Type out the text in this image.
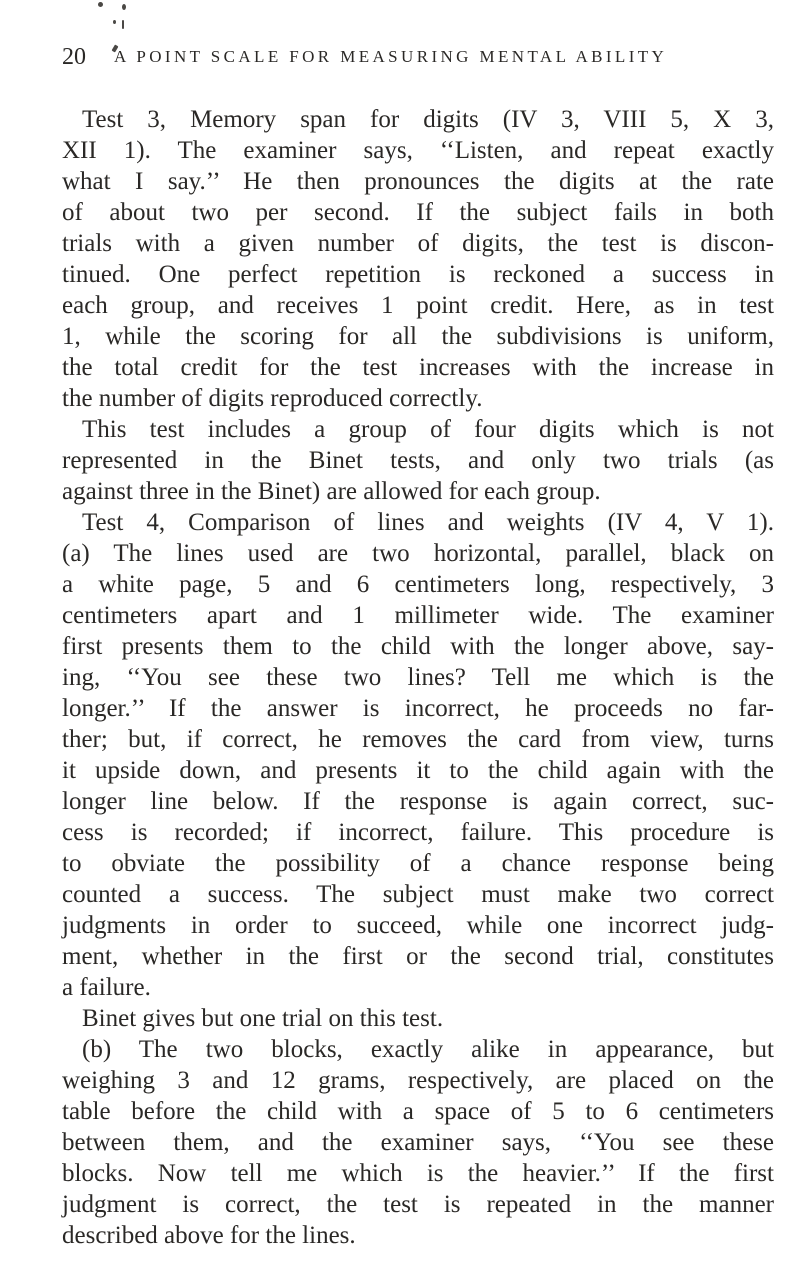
20 A POINT SCALE FOR MEASURING MENTAL ABILITY
Test 3, Memory span for digits (IV 3, VIII 5, X 3,
XII 1). The examiner says, ‘‘Listen, and repeat exactly
what I say.’’ He then pronounces the digits at the rate
of about two per second. If the subject fails in both
trials with a given number of digits, the test is discon-
tinued. One perfect repetition is reckoned a success in
each group, and receives 1 point credit. Here, as in test
1, while the scoring for all the subdivisions is uniform,
the total credit for the test increases with the increase in
the number of digits reproduced correctly.
This test includes a group of four digits which is not
represented in the Binet tests, and only two trials (as
against three in the Binet) are allowed for each group.
Test 4, Comparison of lines and weights (IV 4, V 1).
(a) The lines used are two horizontal, parallel, black on
a white page, 5 and 6 centimeters long, respectively, 3
centimeters apart and 1 millimeter wide. The examiner
first presents them to the child with the longer above, say-
ing, ‘‘You see these two lines? Tell me which is the
longer.’’ If the answer is incorrect, he proceeds no far-
ther; but, if correct, he removes the card from view, turns
it upside down, and presents it to the child again with the
longer line below. If the response is again correct, suc-
cess is recorded; if incorrect, failure. This procedure is
to obviate the possibility of a chance response being
counted a success. The subject must make two correct
judgments in order to succeed, while one incorrect judg-
ment, whether in the first or the second trial, constitutes
a failure.
Binet gives but one trial on this test.
(b) The two blocks, exactly alike in appearance, but
weighing 3 and 12 grams, respectively, are placed on the
table before the child with a space of 5 to 6 centimeters
between them, and the examiner says, ‘‘You see these
blocks. Now tell me which is the heavier.’’ If the first
judgment is correct, the test is repeated in the manner
described above for the lines.
